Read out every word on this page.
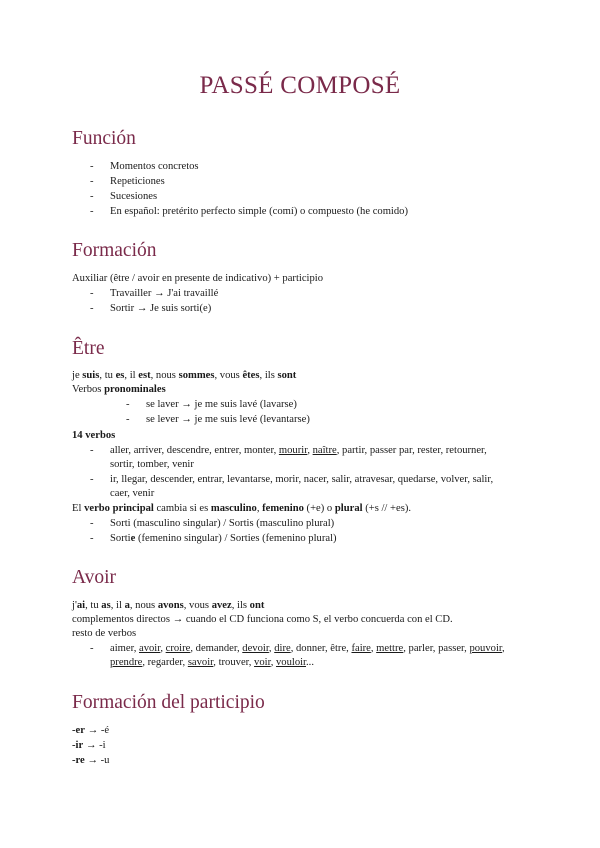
PASSÉ COMPOSÉ
Función
- Momentos concretos
- Repeticiones
- Sucesiones
- En español: pretérito perfecto simple (comí) o compuesto (he comido)
Formación
Auxiliar (être / avoir en presente de indicativo) + participio
- Travailler → J'ai travaillé
- Sortir → Je suis sorti(e)
Être
je suis, tu es, il est, nous sommes, vous êtes, ils sont
Verbos pronominales
- se laver → je me suis lavé (lavarse)
- se lever → je me suis levé (levantarse)
14 verbos
- aller, arriver, descendre, entrer, monter, mourir, naître, partir, passer par, rester, retourner,
sortir, tomber, venir
- ir, llegar, descender, entrar, levantarse, morir, nacer, salir, atravesar, quedarse, volver, salir,
caer, venir
El verbo principal cambia si es masculino, femenino (+e) o plural (+s // +es).
- Sorti (masculino singular) / Sortis (masculino plural)
- Sortie (femenino singular) / Sorties (femenino plural)
Avoir
j'ai, tu as, il a, nous avons, vous avez, ils ont
complementos directos → cuando el CD funciona como S, el verbo concuerda con el CD.
resto de verbos
- aimer, avoir, croire, demander, devoir, dire, donner, être, faire, mettre, parler, passer, pouvoir,
prendre, regarder, savoir, trouver, voir, vouloir...
Formación del participio
-er → -é
-ir → -i
-re → -u
